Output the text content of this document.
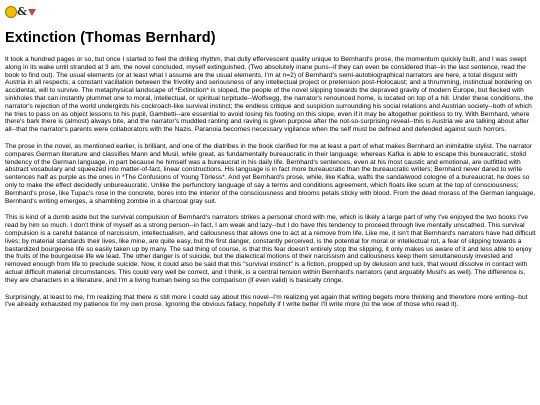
&
Extinction (Thomas Bernhard)

It took a hundred pages or so, but once I started to feel the drilling rhythm, that dully effervescent quality unique to Bernhard's prose, the momentum quickly built, and I was swept along in its wake until stranded at 3 am, the novel concluded, myself extinguished. (Two absolutely inane puns--if they can even be considered that--in the last sentence, read the book to find out). The usual elements (or at least what I assume are the usual elements, I'm at n=2) of Bernhard's semi-autobiographical narrators are here, a total disgust with Austria in all respects; a constant vacillation between the frivolity and seriousness of any intellectual project or pretension post-Holocaust; and a thrumming, instinctual bordering on accidental, will to survive. The metaphysical landscape of *Extinction* is sloped, the people of the novel slipping towards the depraved gravity of modern Europe, but flecked with sinkholes that can instantly plummet one to moral, intellectual, or spiritual turpitude--Wolfsegg, the narrator's renounced home, is located on top of a hill. Under these conditions, the narrator's rejection of the world undergirds his cockroach-like survival instinct; the endless critique and suspicion surrounding his social relations and Austrian society--both of which he tries to pass on as object lessons to his pupil, Gambetti--are essential to avoid losing his footing on this slope, even if it may be altogether pointless to try. With Bernhard, where there's bark there is (almost) always bite, and the narrator's muddled ranting and raving is given purpose after the not-so-surprising reveal--this is Austria we are talking about after all--that the narrator's parents were collaborators with the Nazis. Paranoia becomes necessary vigilance when the self must be defined and defended against such horrors.

The prose in the novel, as mentioned earlier, is brilliant, and one of the diatribes in the book clarified for me at least a part of what makes Bernhard an inimitable stylist. The narrator compares German literature and classifies Mann and Musil, while great, as fundamentally bureaucratic in their language; whereas Kafka is able to escape this bureaucratic, stolid tendency of the German language, in part because he himself was a bureaucrat in his daily life. Bernhard's sentences, even at his most caustic and emotional, are outfitted with abstract vocabulary and squeezed into matter-of-fact, linear constructions. His language is in fact more bureaucratic than the bureaucratic writers; Bernhard never dared to write sentences half as purple as the ones in *The Confusions of Young Törless*. And yet Bernhard's prose, while, like Kafka, wafts the sandalwood cologne of a bureaucrat, he does so only to make the effect decidedly unbureaucratic. Unlike the perfunctory language of say a terms and conditions agreement, which floats like scum at the top of consciousness; Bernhard's prose, like Tupac's rose in the concrete, bores into the interior of the consciousness and blooms petals sticky with blood. From the dead morass of the German language, Bernhard's writing emerges, a shambling zombie in a charcoal gray suit.

This is kind of a dumb aside but the survival compulsion of Bernhard's narrators strikes a personal chord with me, which is likely a large part of why I've enjoyed the two books I've read by him so much. I don't think of myself as a strong person--in fact, I am weak and lazy--but I do have this tendency to proceed through live mentally unscathed. This survival compulsion is a careful balance of narcissism, intellectualism, and callousness that allows one to act at a remove from life. Like me, it isn't that Bernhard's narrators have had difficult lives; by material standards their lives, like mine, are quite easy, but the first danger, constantly perceived, is the potential for moral or intellectual rot, a fear of slipping towards a bastardized bourgeoise life so easily taken up by many. The sad thing of course, is that this fear doesn't entirely stop the slipping, it only makes us aware of it and less able to enjoy the fruits of the bourgeoise life we lead. The other danger is of suicide, but the dialectical motions of their narcissism and callousness keep them simultaneously invested and removed enough from life to preclude suicide. Now, it could also be said that this "survival instinct" is a fiction, propped up by delusion and luck, that would dissolve in contact with actual difficult material circumstances. This could very well be correct, and I think, is a central tension within Bernhard's narrators (and arguably Musil's as well). The difference is, they are characters in a literature, and I'm a living human being so the comparison (if even valid) is basically cringe.

Surprisingly, at least to me, I'm realizing that there is still more I could say about this novel--I'm realizing yet again that writing begets more thinking and therefore more writing--but I've already exhausted my patience for my own prose. Ignoring the obvious fallacy, hopefully if I write better I'll write more (to the woe of those who read it).
